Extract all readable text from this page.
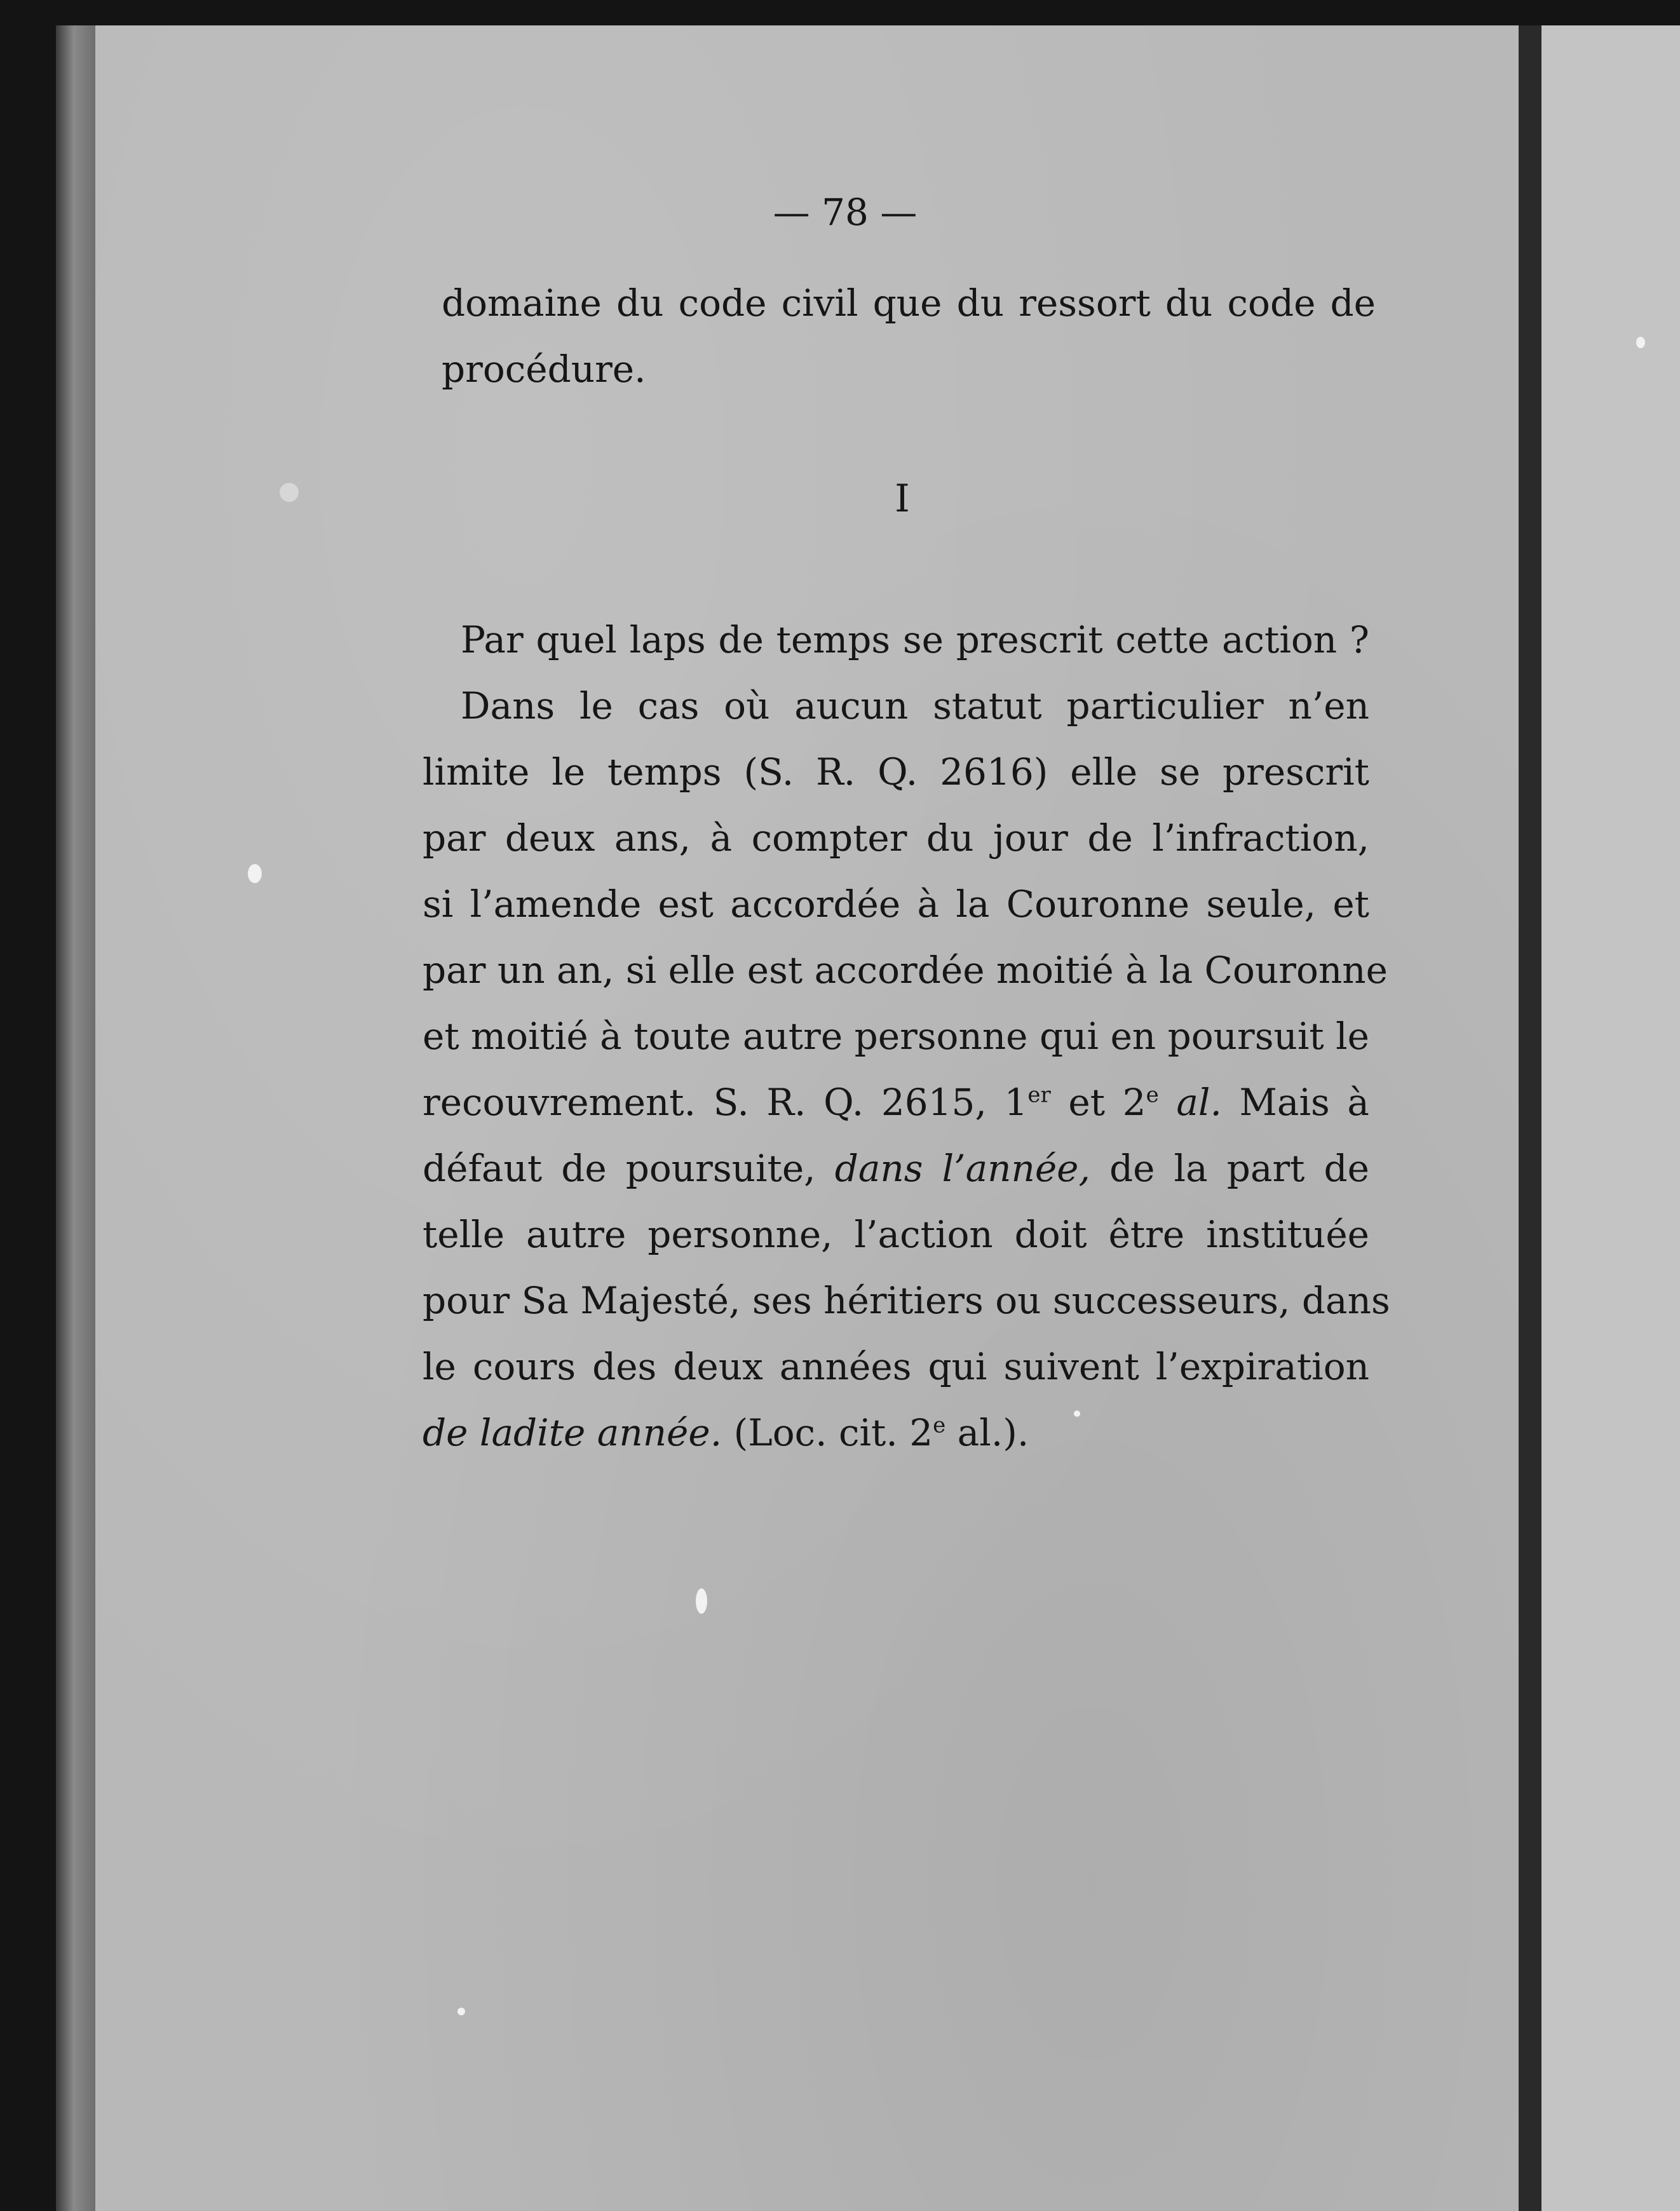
— 78 —
domaine du code civil que du ressort du code de
procédure.
I
Par quel laps de temps se prescrit cette action ?
Dans le cas où aucun statut particulier n’en
limite le temps (S. R. Q. 2616) elle se prescrit
par deux ans, à compter du jour de l’infraction,
si l’amende est accordée à la Couronne seule, et
par un an, si elle est accordée moitié à la Couronne
et moitié à toute autre personne qui en poursuit le
recouvrement. S. R. Q. 2615, 1er et 2e al. Mais à
défaut de poursuite, dans l’année, de la part de
telle autre personne, l’action doit être instituée
pour Sa Majesté, ses héritiers ou successeurs, dans
le cours des deux années qui suivent l’expiration
de ladite année. (Loc. cit. 2e al.).
